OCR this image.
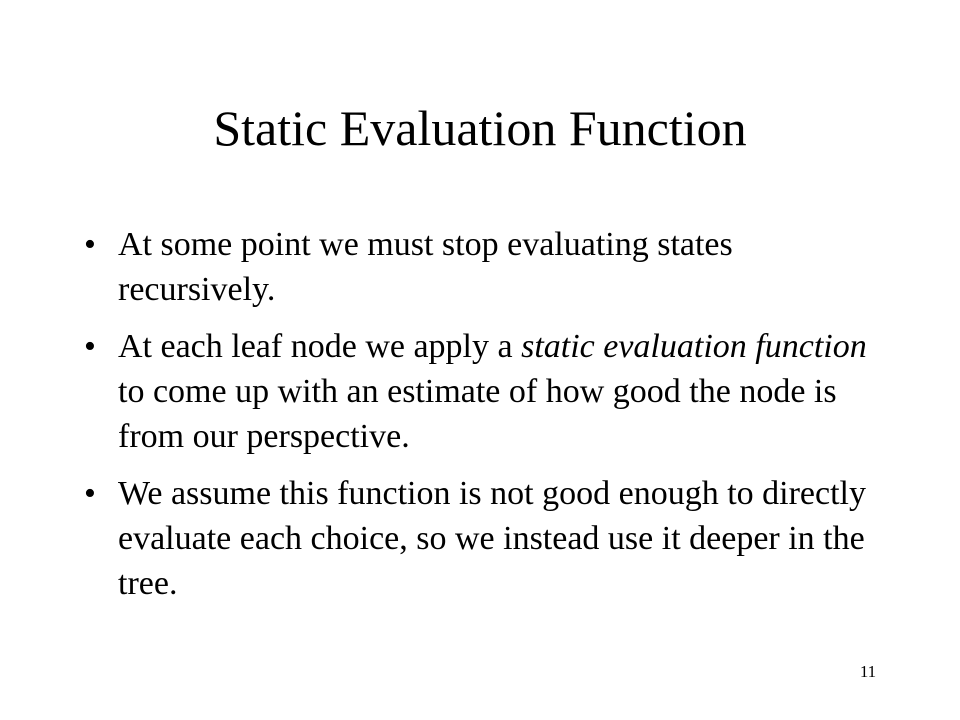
Static Evaluation Function
• At some point we must stop evaluating states recursively.
• At each leaf node we apply a static evaluation function to come up with an estimate of how good the node is from our perspective.
• We assume this function is not good enough to directly evaluate each choice, so we instead use it deeper in the tree.
11
